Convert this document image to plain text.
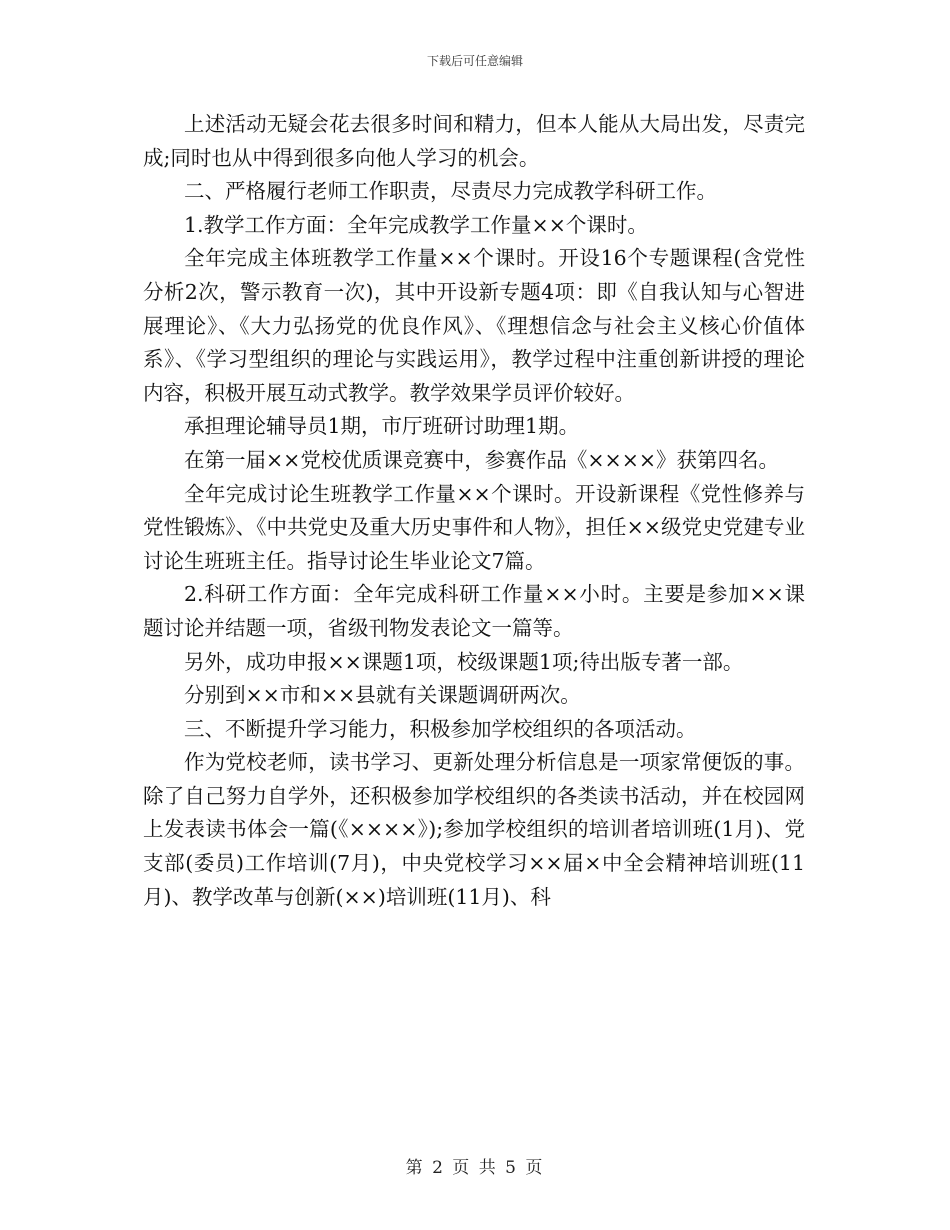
下载后可任意编辑

上述活动无疑会花去很多时间和精力，但本人能从大局出发，尽责完成;同时也从中得到很多向他人学习的机会。

二、严格履行老师工作职责，尽责尽力完成教学科研工作。

1.教学工作方面：全年完成教学工作量××个课时。

全年完成主体班教学工作量××个课时。开设16个专题课程(含党性分析2次，警示教育一次)，其中开设新专题4项：即《自我认知与心智进展理论》、《大力弘扬党的优良作风》、《理想信念与社会主义核心价值体系》、《学习型组织的理论与实践运用》，教学过程中注重创新讲授的理论内容，积极开展互动式教学。教学效果学员评价较好。

承担理论辅导员1期，市厅班研讨助理1期。

在第一届××党校优质课竞赛中，参赛作品《××××》获第四名。

全年完成讨论生班教学工作量××个课时。开设新课程《党性修养与党性锻炼》、《中共党史及重大历史事件和人物》，担任××级党史党建专业讨论生班班主任。指导讨论生毕业论文7篇。

2.科研工作方面：全年完成科研工作量××小时。主要是参加××课题讨论并结题一项，省级刊物发表论文一篇等。

另外，成功申报××课题1项，校级课题1项;待出版专著一部。

分别到××市和××县就有关课题调研两次。

三、不断提升学习能力，积极参加学校组织的各项活动。

作为党校老师，读书学习、更新处理分析信息是一项家常便饭的事。除了自己努力自学外，还积极参加学校组织的各类读书活动，并在校园网上发表读书体会一篇(《××××》);参加学校组织的培训者培训班(1月)、党支部(委员)工作培训(7月)，中央党校学习××届×中全会精神培训班(11月)、教学改革与创新(××)培训班(11月)、科

第 2 页 共 5 页
